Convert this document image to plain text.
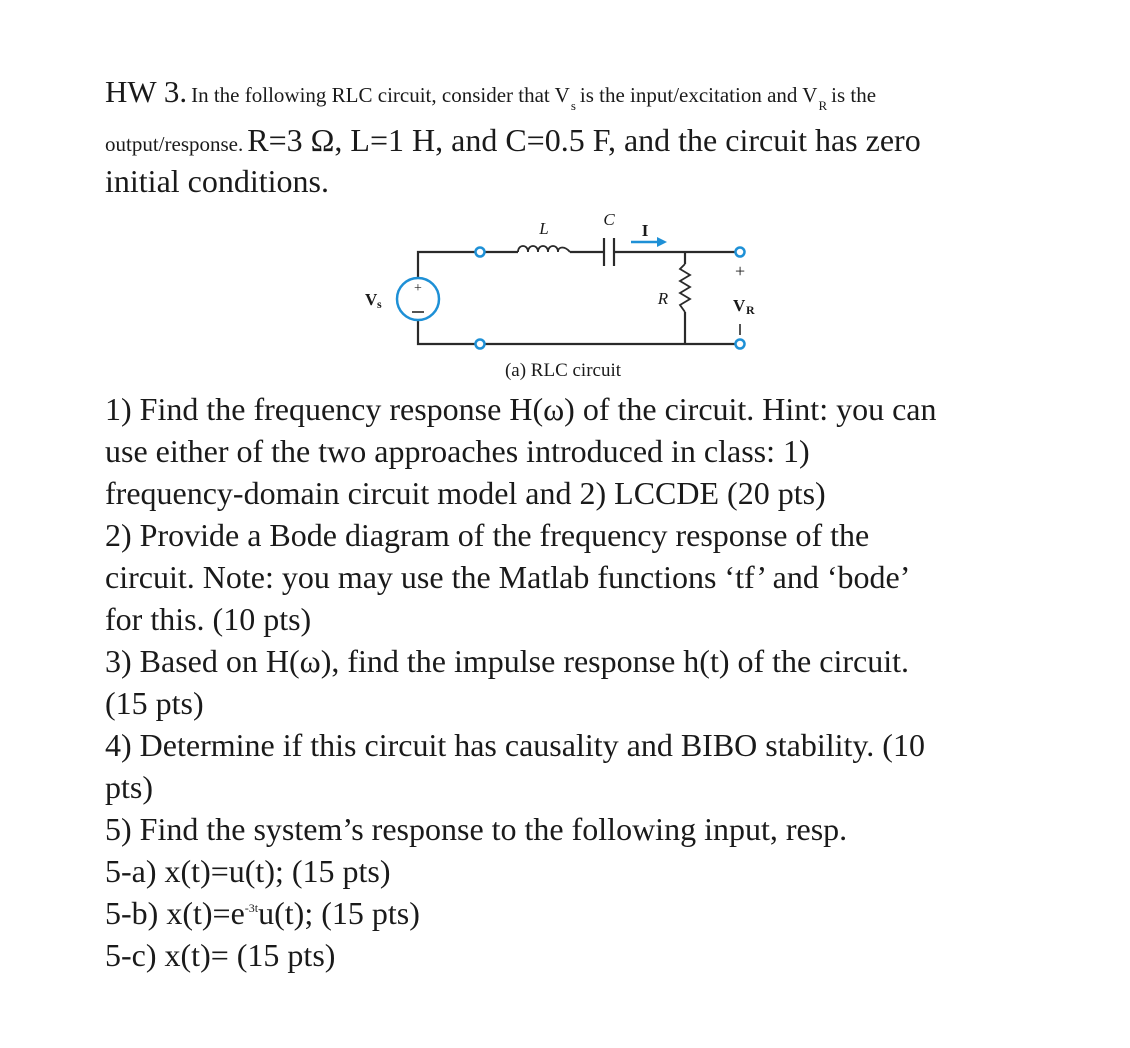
HW 3. In the following RLC circuit, consider that $V_s$ is the input/excitation and $V_R$ is the
output/response. R=3 Ω, L=1 H, and C=0.5 F, and the circuit has zero
initial conditions.
+
L	C
I
R
V s
+
V R
(a) RLC circuit
1) Find the frequency response H(ω) of the circuit. Hint: you can
use either of the two approaches introduced in class: 1)
frequency-domain circuit model and 2) LCCDE (20 pts)
2) Provide a Bode diagram of the frequency response of the
circuit. Note: you may use the Matlab functions ‘tf’ and ‘bode’
for this. (10 pts)
3) Based on H(ω), find the impulse response h(t) of the circuit.
(15 pts)
4) Determine if this circuit has causality and BIBO stability. (10
pts)
5) Find the system’s response to the following input, resp.
5-a) x(t)=u(t); (15 pts)
5-b) $x(t)=e^{-3t}u(t)$; (15 pts)
5-c) x(t)= (15 pts)
